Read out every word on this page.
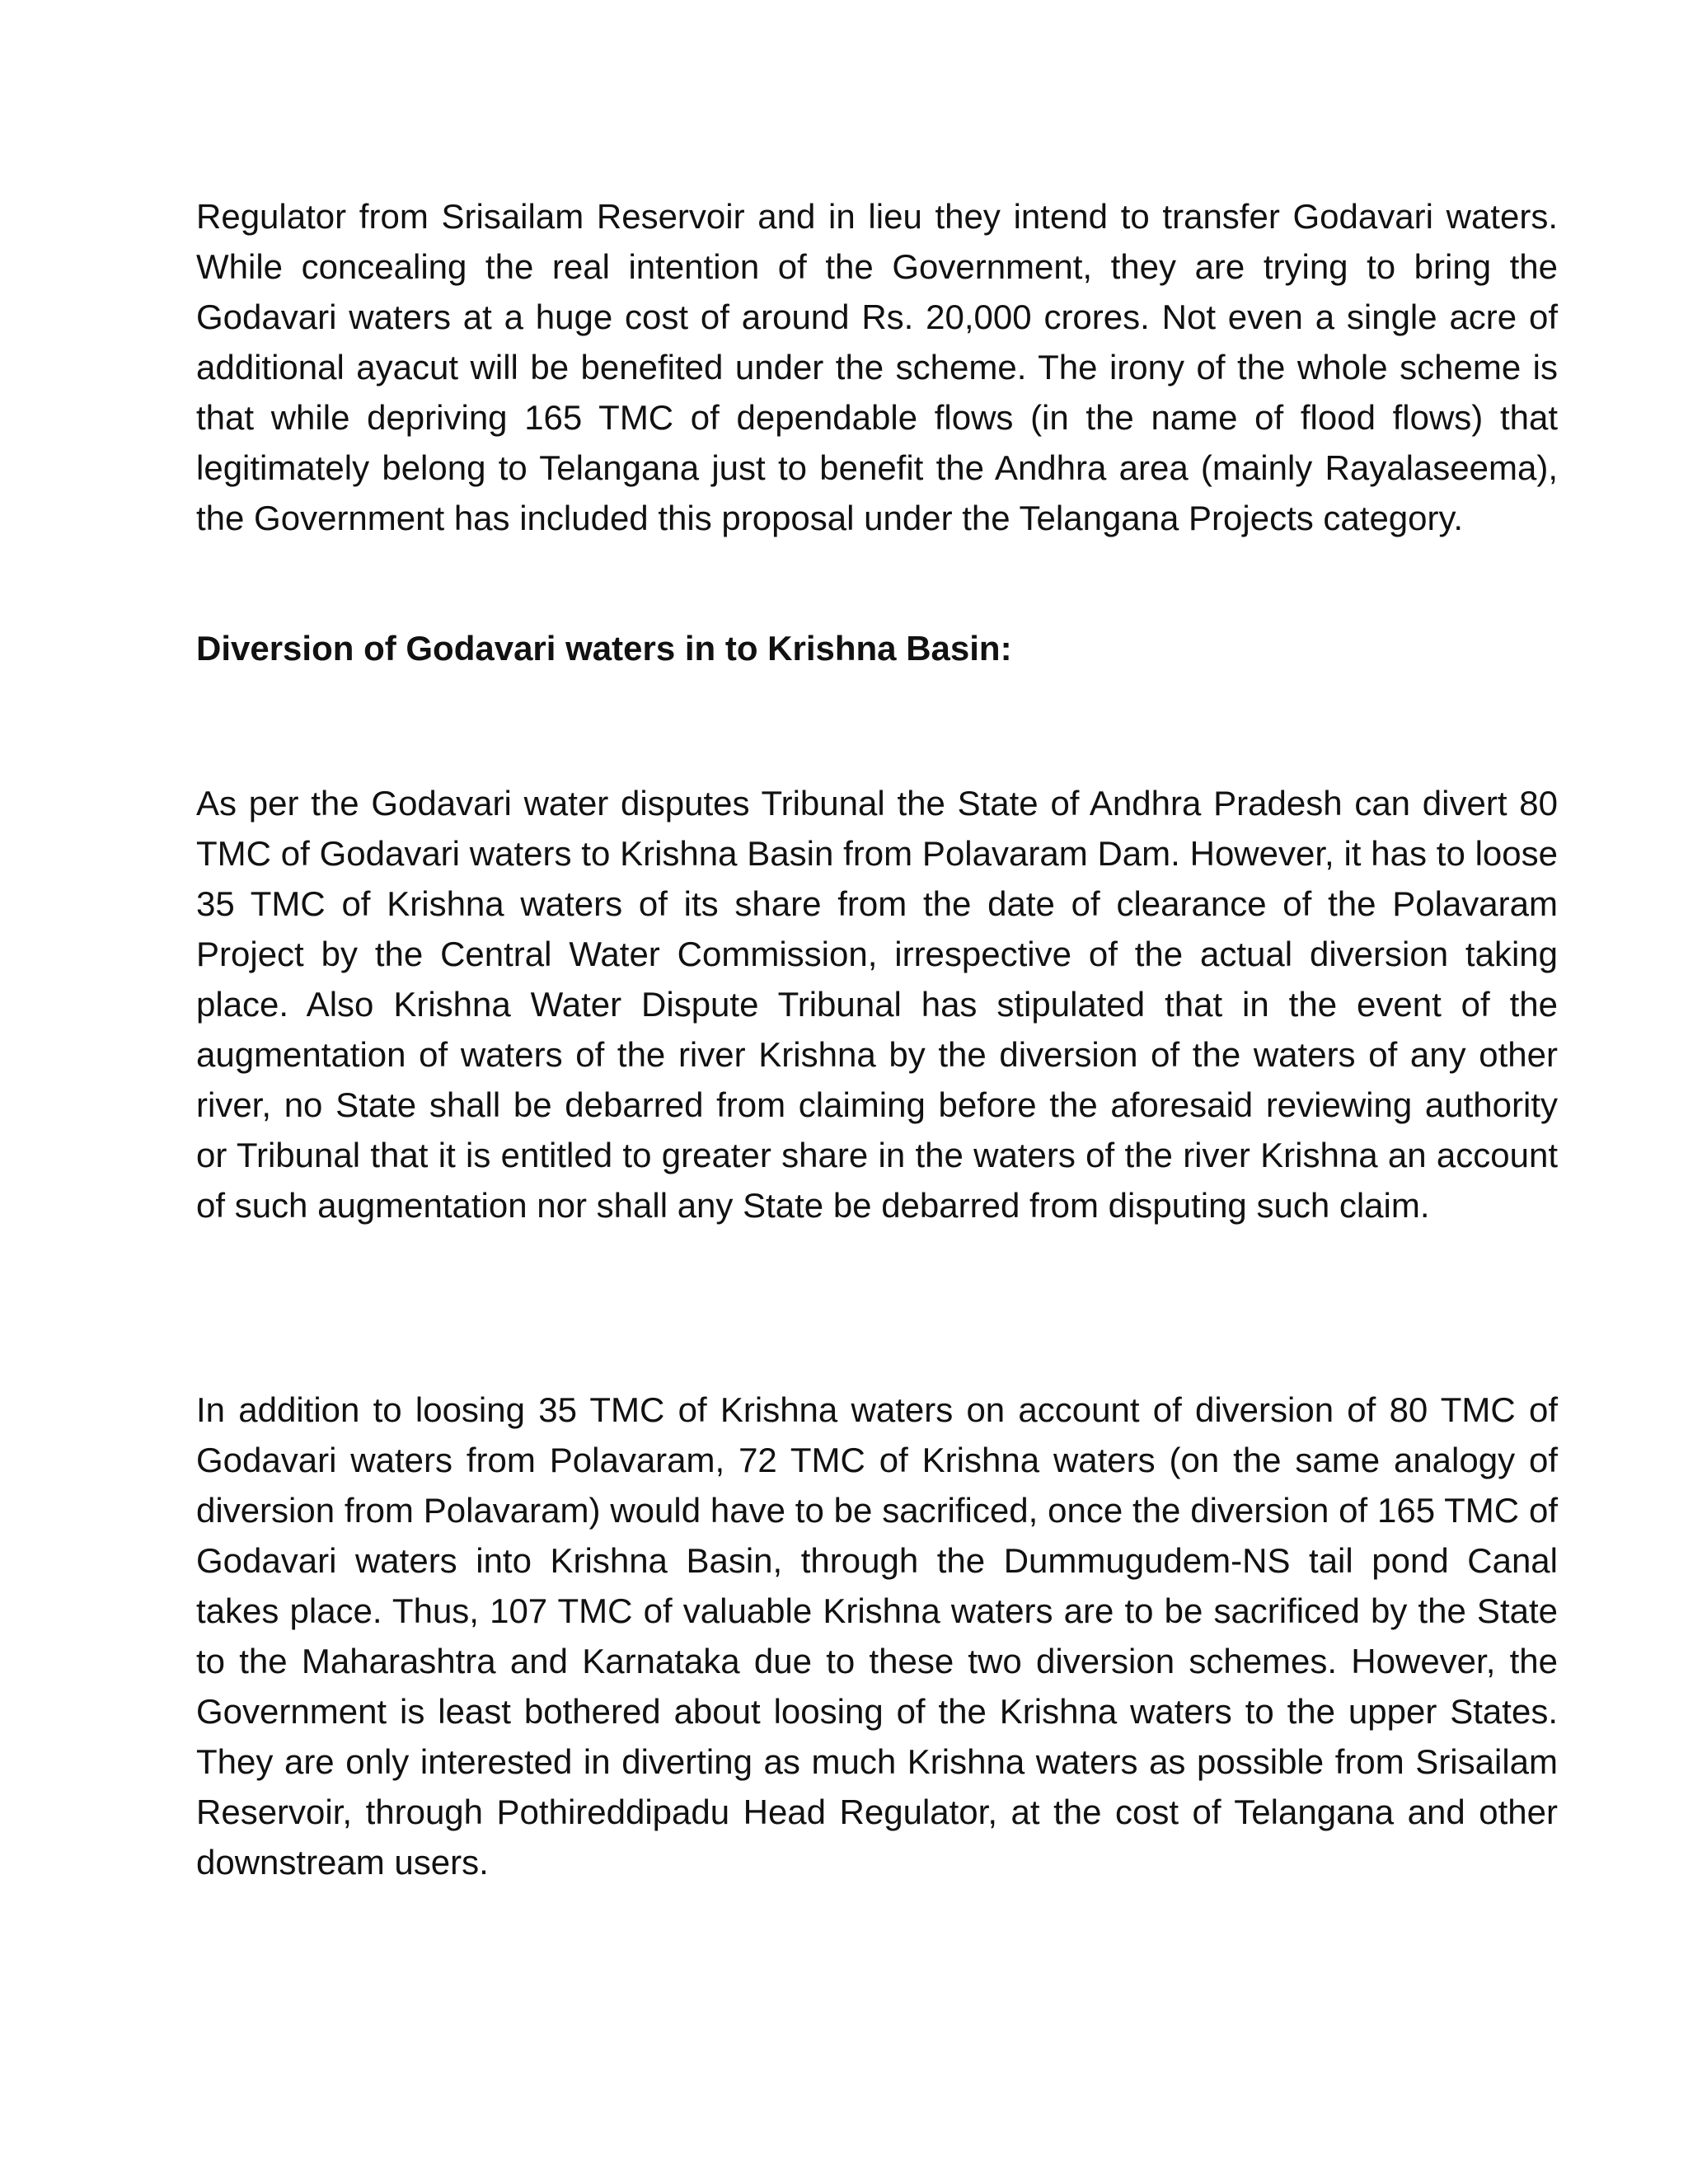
Regulator from Srisailam Reservoir and in lieu they intend to transfer Godavari waters. While concealing the real intention of the Government, they are trying to bring the Godavari waters at a huge cost of around Rs. 20,000 crores. Not even a single acre of additional ayacut will be benefited under the scheme. The irony of the whole scheme is that while depriving 165 TMC of dependable flows (in the name of flood flows) that legitimately belong to Telangana just to benefit the Andhra area (mainly Rayalaseema), the Government has included this proposal under the Telangana Projects category.

Diversion of Godavari waters in to Krishna Basin:

As per the Godavari water disputes Tribunal the State of Andhra Pradesh can divert 80 TMC of Godavari waters to Krishna Basin from Polavaram Dam. However, it has to loose 35 TMC of Krishna waters of its share from the date of clearance of the Polavaram Project by the Central Water Commission, irrespective of the actual diversion taking place. Also Krishna Water Dispute Tribunal has stipulated that in the event of the augmentation of waters of the river Krishna by the diversion of the waters of any other river, no State shall be debarred from claiming before the aforesaid reviewing authority or Tribunal that it is entitled to greater share in the waters of the river Krishna an account of such augmentation nor shall any State be debarred from disputing such claim.

In addition to loosing 35 TMC of Krishna waters on account of diversion of 80 TMC of Godavari waters from Polavaram, 72 TMC of Krishna waters (on the same analogy of diversion from Polavaram) would have to be sacrificed, once the diversion of 165 TMC of Godavari waters into Krishna Basin, through the Dummugudem-NS tail pond Canal takes place. Thus, 107 TMC of valuable Krishna waters are to be sacrificed by the State to the Maharashtra and Karnataka due to these two diversion schemes. However, the Government is least bothered about loosing of the Krishna waters to the upper States. They are only interested in diverting as much Krishna waters as possible from Srisailam Reservoir, through Pothireddipadu Head Regulator, at the cost of Telangana and other downstream users.
